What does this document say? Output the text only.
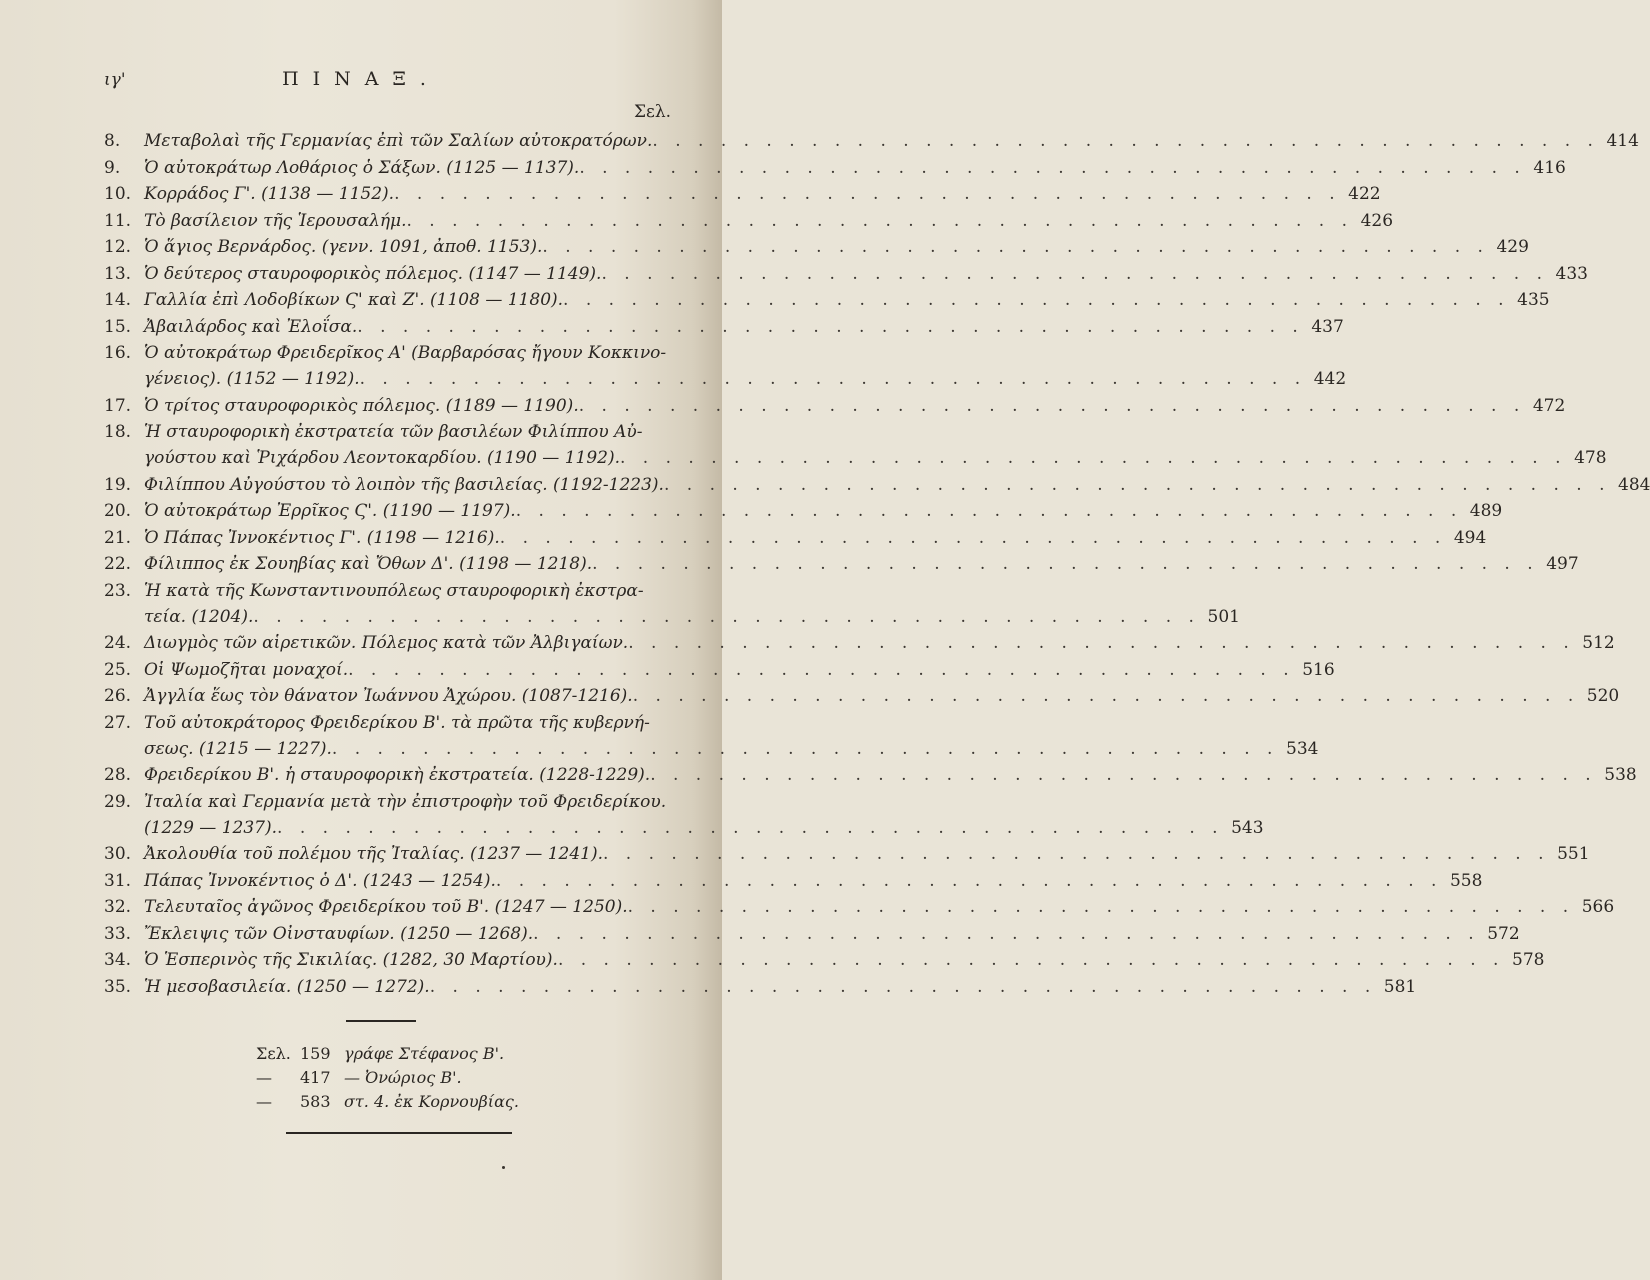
ιγ'	ΠΙΝΑΞ.
Σελ.
8.	Μεταβολαὶ τῆς Γερμανίας ἐπὶ τῶν Σαλίων αὐτοκρατόρων. . . .	414
9.	Ὁ αὐτοκράτωρ Λοθάριος ὁ Σάξων. (1125 — 1137). . . .	416
10. Κορράδος Γ'. (1138 — 1152). . . .	422
11. Τὸ βασίλειον τῆς Ἱερουσαλήμ. . . .	426
12. Ὁ ἅγιος Βερνάρδος. (γενν. 1091, ἀποθ. 1153). . . .	429
13. Ὁ δεύτερος σταυροφορικὸς πόλεμος. (1147 — 1149). . . .	433
14. Γαλλία ἐπὶ Λοδοβίκων Ϛ' καὶ Ζ'. (1108 — 1180). . . .	435
15. Ἀβαιλάρδος καὶ Ἐλοΐσα. . . .	437
16. Ὁ αὐτοκράτωρ Φρειδερῖκος Α' (Βαρβαρόσας ἤγουν Κοκκινο-
γένειος). (1152 — 1192). . . .	442
17. Ὁ τρίτος σταυροφορικὸς πόλεμος. (1189 — 1190). . . .	472
18. Ἡ σταυροφορικὴ ἐκστρατεία τῶν βασιλέων Φιλίππου Αὐ-
γούστου καὶ Ῥιχάρδου Λεοντοκαρδίου. (1190 — 1192). . . .	478
19. Φιλίππου Αὐγούστου τὸ λοιπὸν τῆς βασιλείας. (1192-1223). . . .	484
20. Ὁ αὐτοκράτωρ Ἐρρῖκος Ϛ'. (1190 — 1197). . . .	489
21. Ὁ Πάπας Ἰννοκέντιος Γ'. (1198 — 1216). . . .	494
22. Φίλιππος ἐκ Σουηβίας καὶ Ὄθων Δ'. (1198 — 1218). . . .	497
23. Ἡ κατὰ τῆς Κωνσταντινουπόλεως σταυροφορικὴ ἐκστρα-
τεία. (1204). . . .	501
24. Διωγμὸς τῶν αἱρετικῶν. Πόλεμος κατὰ τῶν Ἀλβιγαίων. . . .	512
25. Οἱ Ψωμοζῆται μοναχοί. . . .	516
26. Ἀγγλία ἕως τὸν θάνατον Ἰωάννου Ἀχώρου. (1087-1216). . . .	520
27. Τοῦ αὐτοκράτορος Φρειδερίκου Β'. τὰ πρῶτα τῆς κυβερνή-
σεως. (1215 — 1227). . . .	534
28. Φρειδερίκου Β'. ἡ σταυροφορικὴ ἐκστρατεία. (1228-1229). . . .	538
29. Ἰταλία καὶ Γερμανία μετὰ τὴν ἐπιστροφὴν τοῦ Φρειδερίκου.
(1229 — 1237). . . .	543
30. Ἀκολουθία τοῦ πολέμου τῆς Ἰταλίας. (1237 — 1241). . . .	551
31. Πάπας Ἰννοκέντιος ὁ Δ'. (1243 — 1254). . . .	558
32. Τελευταῖος ἀγῶνος Φρειδερίκου τοῦ Β'. (1247 — 1250). . . .	566
33. Ἔκλειψις τῶν Οἰνσταυφίων. (1250 — 1268). . . .	572
34. Ὁ Ἑσπερινὸς τῆς Σικιλίας. (1282, 30 Μαρτίου). . . .	578
35. Ἡ μεσοβασιλεία. (1250 — 1272). . . .	581
Σελ. 159 γράφε Στέφανος Β'.
—	417 — Ὀνώριος Β'.
—	583 στ. 4. ἐκ Κορνουβίας.
